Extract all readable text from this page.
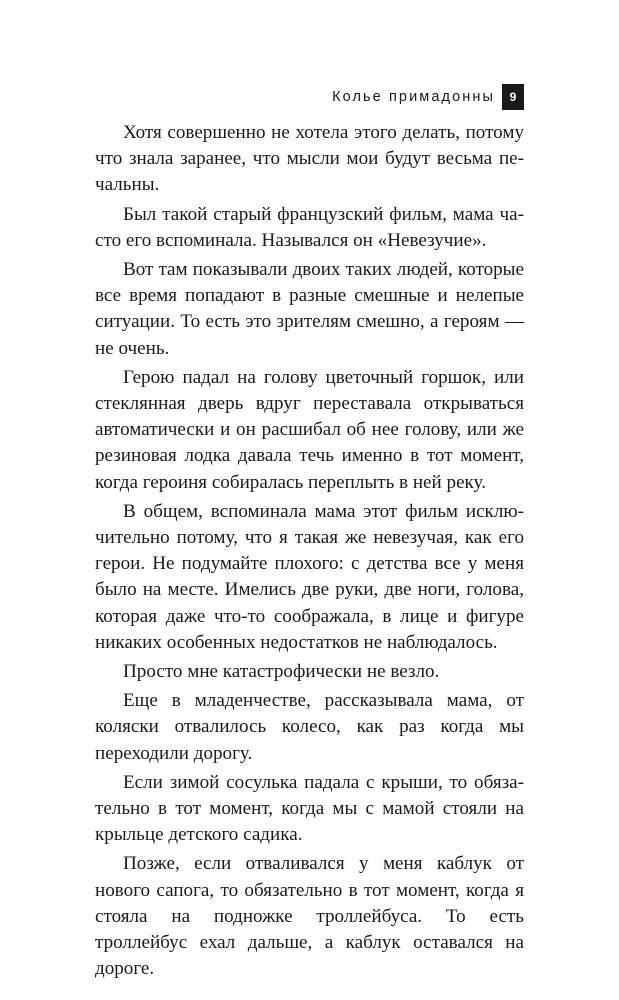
Колье примадонны	9

Хотя совершенно не хотела этого делать, потому что знала заранее, что мысли мои будут весьма печальны.

Был такой старый французский фильм, мама часто его вспоминала. Назывался он «Невезучие».

Вот там показывали двоих таких людей, которые все время попадают в разные смешные и нелепые ситуации. То есть это зрителям смешно, а героям — не очень.

Герою падал на голову цветочный горшок, или стеклянная дверь вдруг переставала открываться автоматически и он расшибал об нее голову, или же резиновая лодка давала течь именно в тот момент, когда героиня собиралась переплыть в ней реку.

В общем, вспоминала мама этот фильм исключительно потому, что я такая же невезучая, как его герои. Не подумайте плохого: с детства все у меня было на месте. Имелись две руки, две ноги, голова, которая даже что-то соображала, в лице и фигуре никаких особенных недостатков не наблюдалось.

Просто мне катастрофически не везло.

Еще в младенчестве, рассказывала мама, от коляски отвалилось колесо, как раз когда мы переходили дорогу.

Если зимой сосулька падала с крыши, то обязательно в тот момент, когда мы с мамой стояли на крыльце детского садика.

Позже, если отваливался у меня каблук от нового сапога, то обязательно в тот момент, когда я стояла на подножке троллейбуса. То есть троллейбус ехал дальше, а каблук оставался на дороге.
